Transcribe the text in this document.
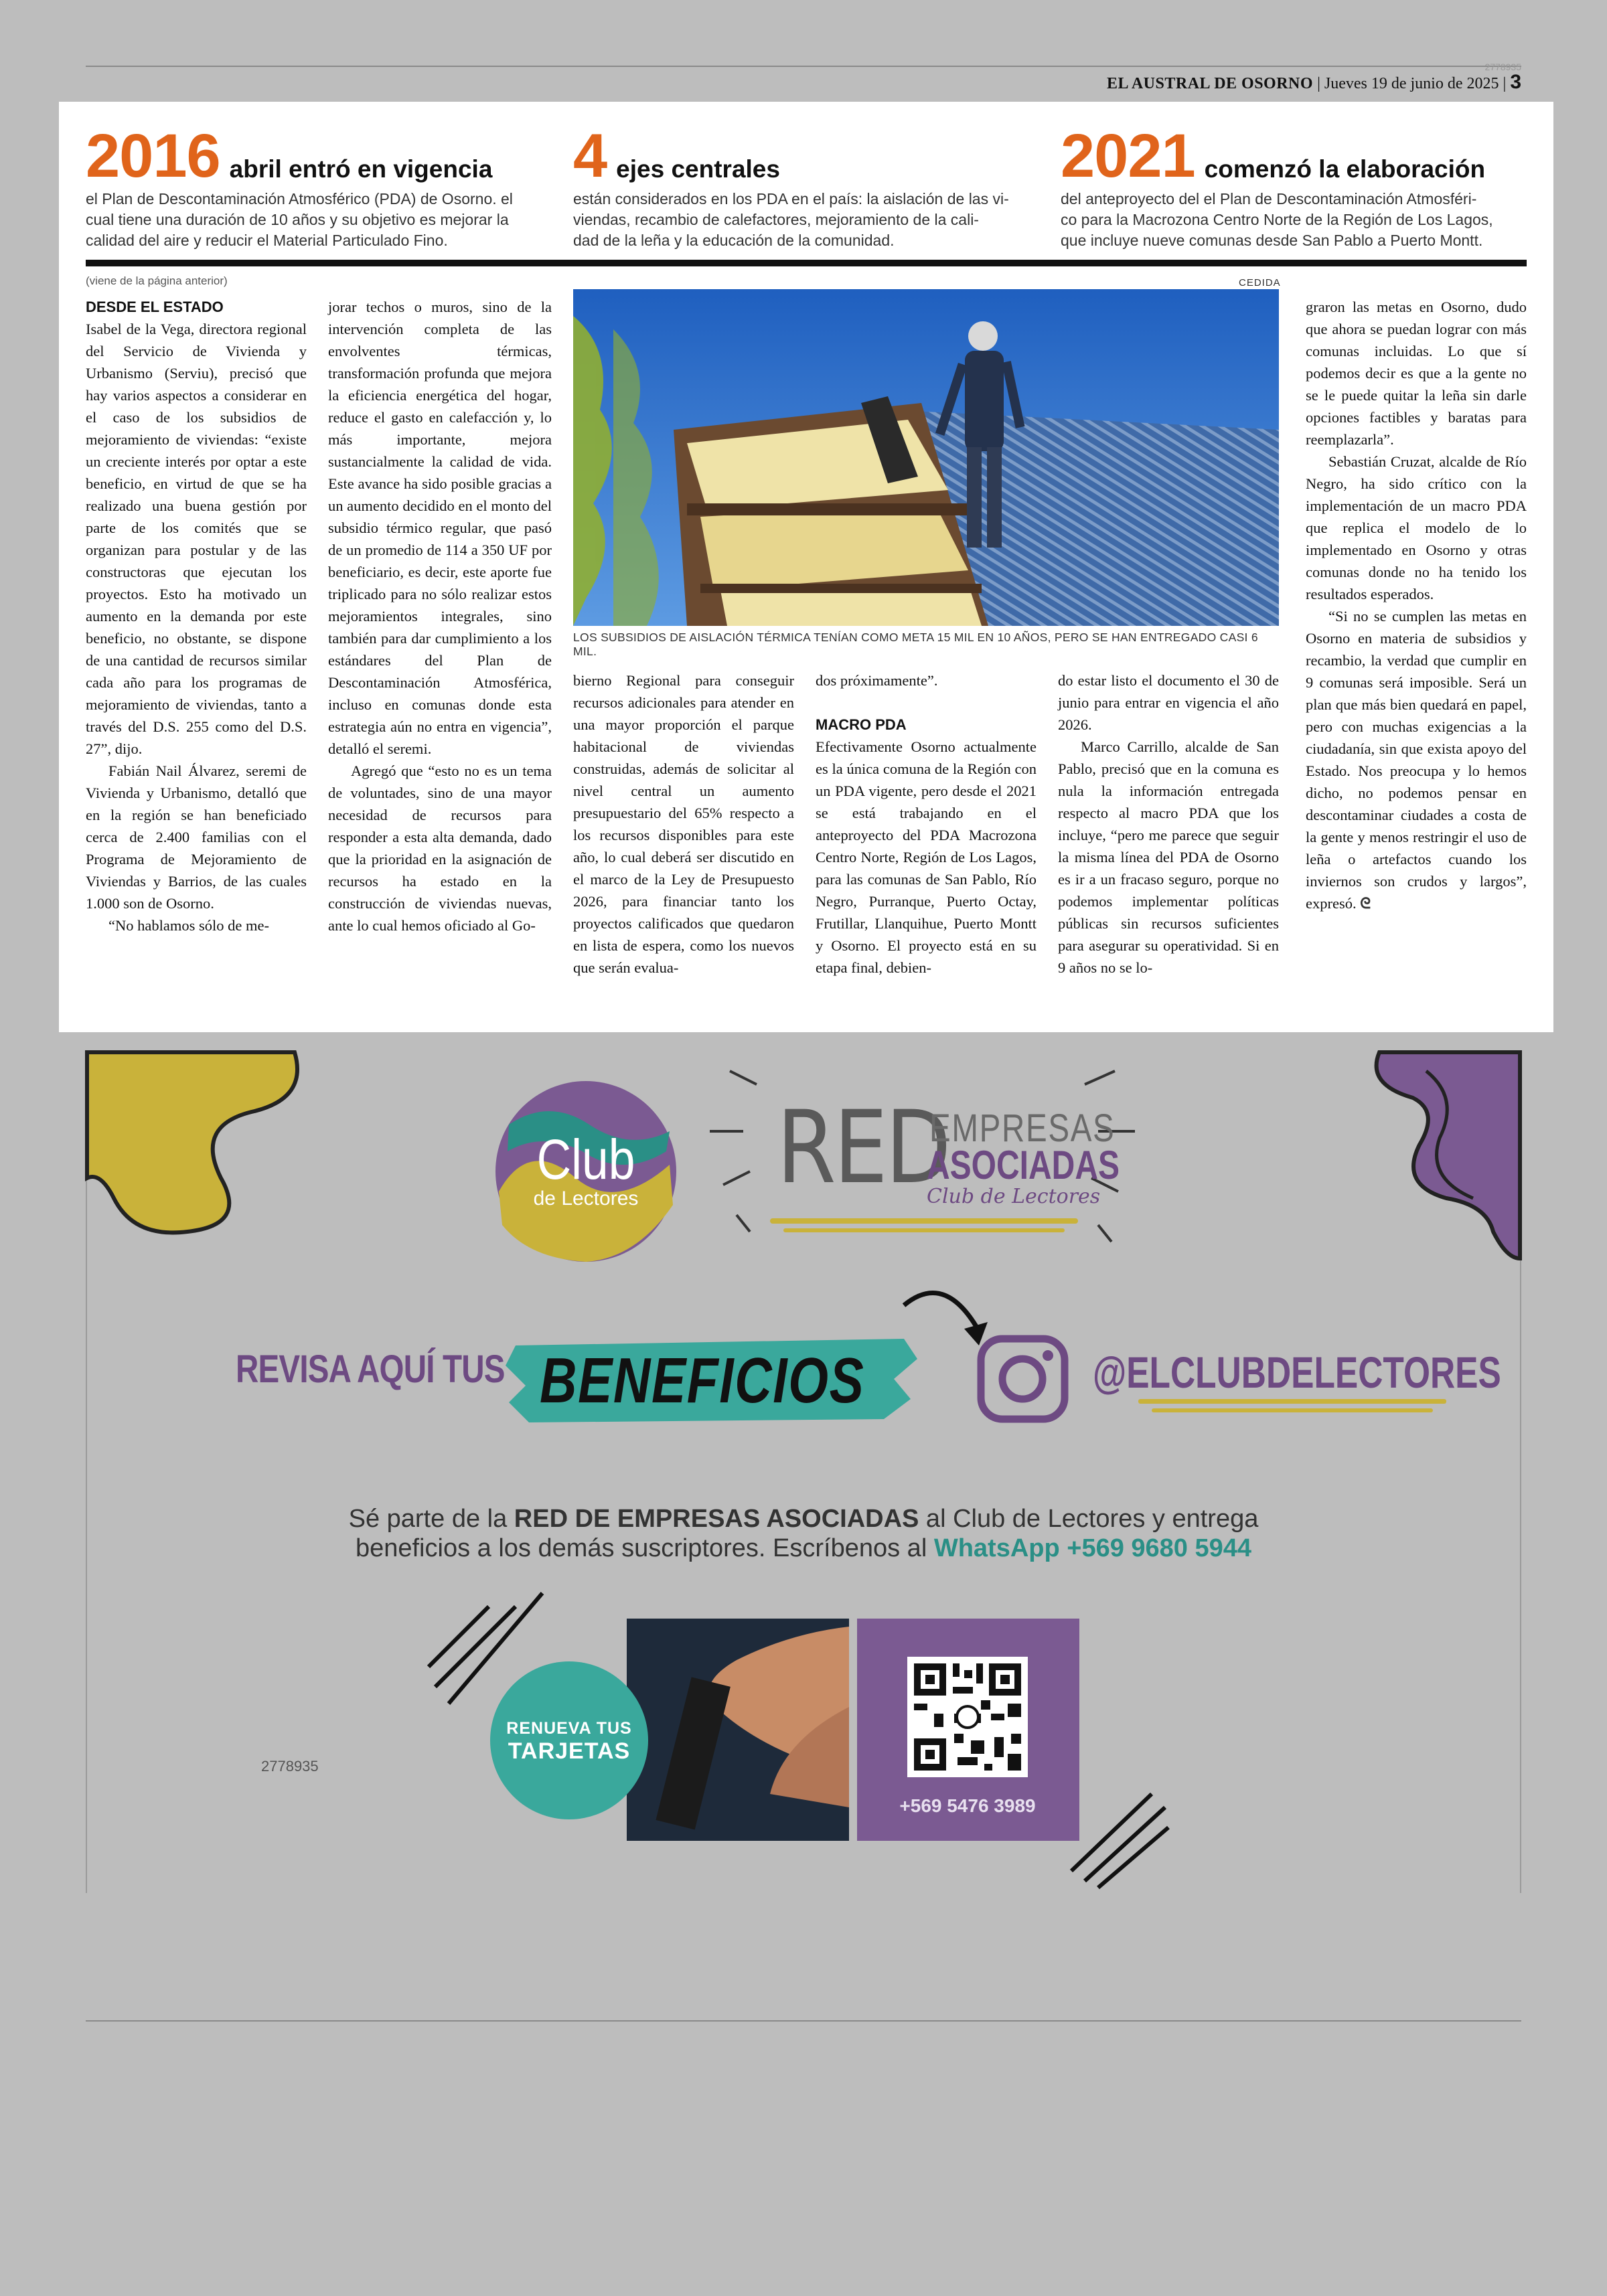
2778935
EL AUSTRAL DE OSORNO | Jueves 19 de junio de 2025 | 3
2016 abril entró en vigencia
el Plan de Descontaminación Atmosférico (PDA) de Osorno. el
cual tiene una duración de 10 años y su objetivo es mejorar la
calidad del aire y reducir el Material Particulado Fino.
4 ejes centrales
están considerados en los PDA en el país: la aislación de las vi-
viendas, recambio de calefactores, mejoramiento de la cali-
dad de la leña y la educación de la comunidad.
2021 comenzó la elaboración
del anteproyecto del el Plan de Descontaminación Atmosféri-
co para la Macrozona Centro Norte de la Región de Los Lagos,
que incluye nueve comunas desde San Pablo a Puerto Montt.
(viene de la página anterior)	CEDIDA
DESDE EL ESTADO

Isabel de la Vega, directora regional del Servicio de Vivienda y Urbanismo (Serviu), precisó que hay varios aspectos a considerar en el caso de los subsidios de mejoramiento de viviendas: “existe un creciente interés por optar a este beneficio, en virtud de que se ha realizado una buena gestión por parte de los comités que se organizan para postular y de las constructoras que ejecutan los proyectos. Esto ha motivado un aumento en la demanda por este beneficio, no obstante, se dispone de una cantidad de recursos similar cada año para los programas de mejoramiento de viviendas, tanto a través del D.S. 255 como del D.S. 27”, dijo.

Fabián Nail Álvarez, seremi de Vivienda y Urbanismo, detalló que en la región se han beneficiado cerca de 2.400 familias con el Programa de Mejoramiento de Viviendas y Barrios, de las cuales 1.000 son de Osorno.

“No hablamos sólo de me-

jorar techos o muros, sino de la intervención completa de las envolventes térmicas, transformación profunda que mejora la eficiencia energética del hogar, reduce el gasto en calefacción y, lo más importante, mejora sustancialmente la calidad de vida. Este avance ha sido posible gracias a un aumento decidido en el monto del subsidio térmico regular, que pasó de un promedio de 114 a 350 UF por beneficiario, es decir, este aporte fue triplicado para no sólo realizar estos mejoramientos integrales, sino también para dar cumplimiento a los estándares del Plan de Descontaminación Atmosférica, incluso en comunas donde esta estrategia aún no entra en vigencia”, detalló el seremi.

Agregó que “esto no es un tema de voluntades, sino de una mayor necesidad de recursos para responder a esta alta demanda, dado que la prioridad en la asignación de recursos ha estado en la construcción de viviendas nuevas, ante lo cual hemos oficiado al Go-

LOS SUBSIDIOS DE AISLACIÓN TÉRMICA TENÍAN COMO META 15 MIL EN 10 AÑOS, PERO SE HAN ENTREGADO CASI 6 MIL.

bierno Regional para conseguir recursos adicionales para atender en una mayor proporción el parque habitacional de viviendas construidas, además de solicitar al nivel central un aumento presupuestario del 65% respecto a los recursos disponibles para este año, lo cual deberá ser discutido en el marco de la Ley de Presupuesto 2026, para financiar tanto los proyectos calificados que quedaron en lista de espera, como los nuevos que serán evalua-

dos próximamente”.

MACRO PDA

Efectivamente Osorno actualmente es la única comuna de la Región con un PDA vigente, pero desde el 2021 se está trabajando en el anteproyecto del PDA Macrozona Centro Norte, Región de Los Lagos, para las comunas de San Pablo, Río Negro, Purranque, Puerto Octay, Frutillar, Llanquihue, Puerto Montt y Osorno. El proyecto está en su etapa final, debien-

do estar listo el documento el 30 de junio para entrar en vigencia el año 2026.

Marco Carrillo, alcalde de San Pablo, precisó que en la comuna es nula la información entregada respecto al macro PDA que los incluye, “pero me parece que seguir la misma línea del PDA de Osorno es ir a un fracaso seguro, porque no podemos implementar políticas públicas sin recursos suficientes para asegurar su operatividad. Si en 9 años no se lo-

graron las metas en Osorno, dudo que ahora se puedan lograr con más comunas incluidas. Lo que sí podemos decir es que a la gente no se le puede quitar la leña sin darle opciones factibles y baratas para reemplazarla”.

Sebastián Cruzat, alcalde de Río Negro, ha sido crítico con la implementación de un macro PDA que replica el modelo de lo implementado en Osorno y otras comunas donde no ha tenido los resultados esperados.

“Si no se cumplen las metas en Osorno en materia de subsidios y recambio, la verdad que cumplir en 9 comunas será imposible. Será un plan que más bien quedará en papel, pero con muchas exigencias a la ciudadanía, sin que exista apoyo del Estado. Nos preocupa y lo hemos dicho, no podemos pensar en descontaminar ciudades a costa de la gente y menos restringir el uso de leña o artefactos cuando los inviernos son crudos y largos”, expresó. ᘓ

Club
de Lectores	RED
EMPRESAS
ASOCIADAS
Club de Lectores
REVISA AQUÍ TUS BENEFICIOS	@ELCLUBDELECTORES
Sé parte de la RED DE EMPRESAS ASOCIADAS al Club de Lectores y entrega
beneficios a los demás suscriptores. Escríbenos al WhatsApp +569 9680 5944
RENUEVA TUS
TARJETAS
2778935
+569 5476 3989
